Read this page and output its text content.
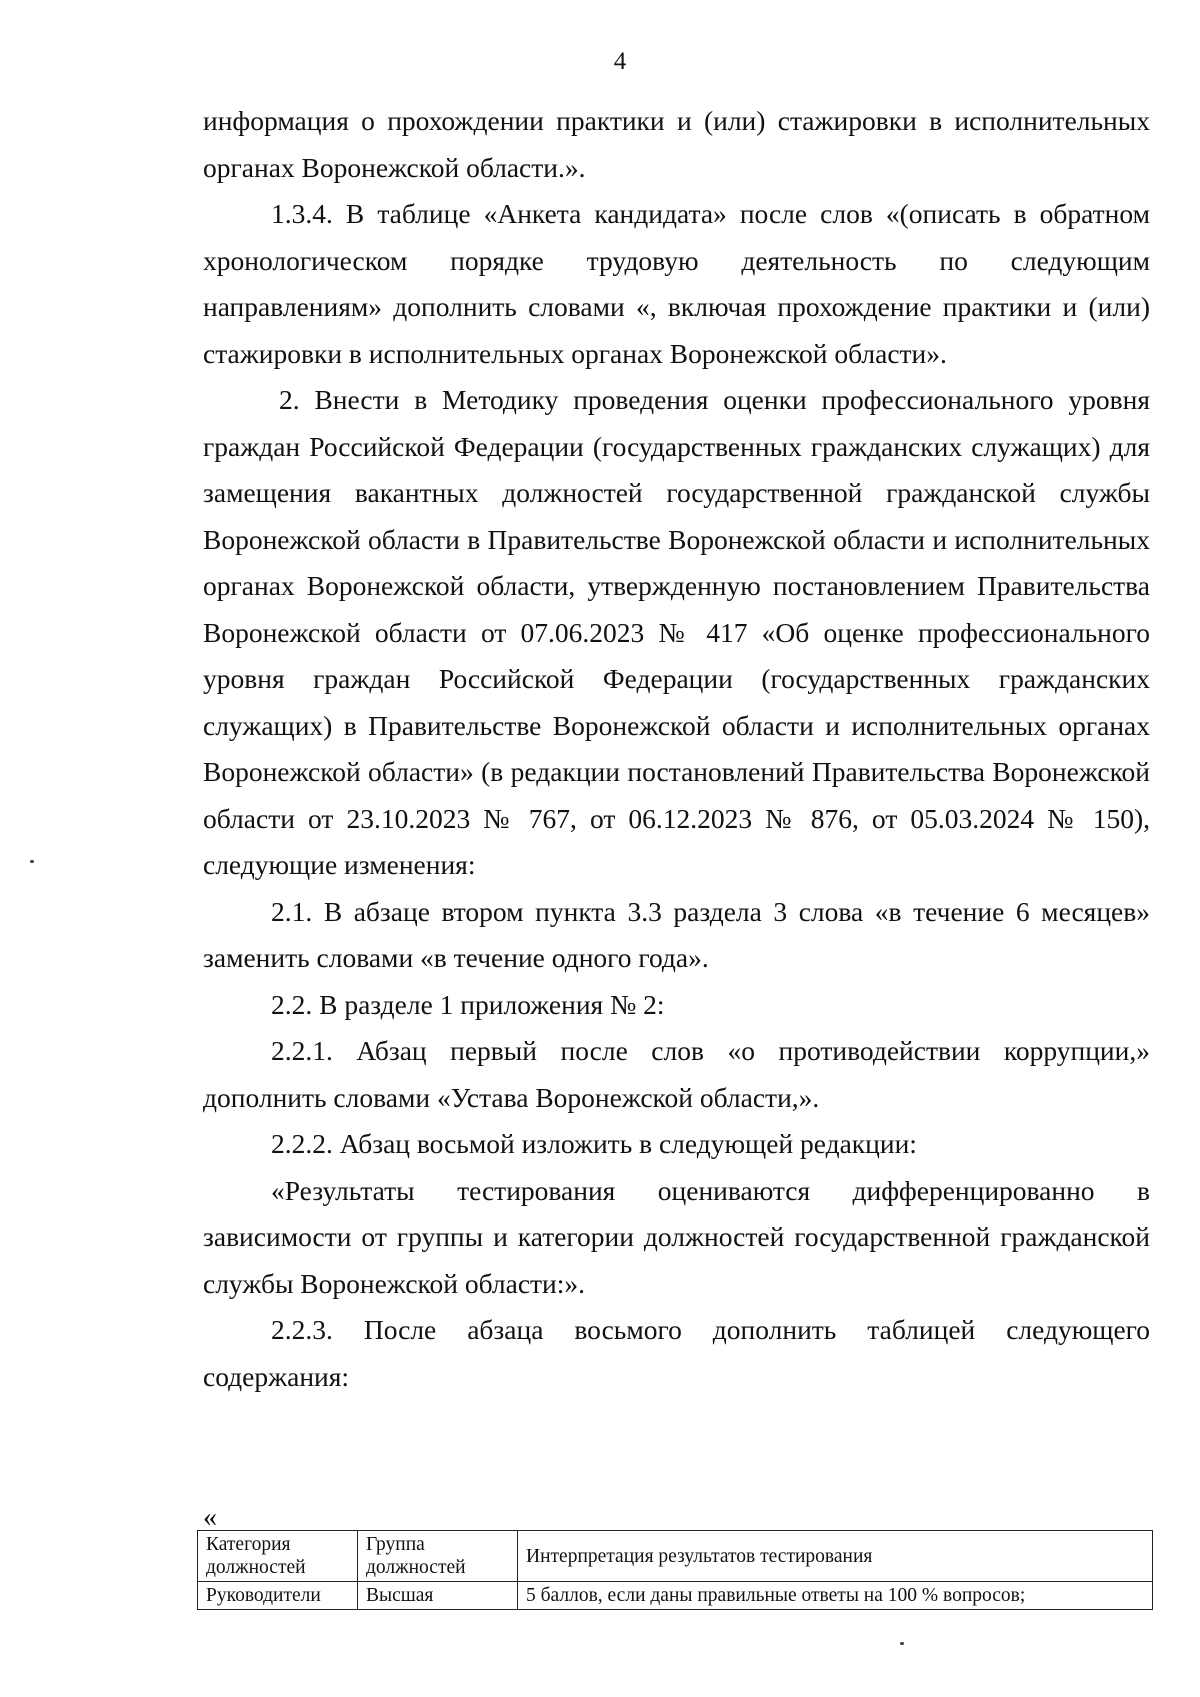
4

информация о прохождении практики и (или) стажировки в исполнительных органах Воронежской области.».

1.3.4. В таблице «Анкета кандидата» после слов «(описать в обратном хронологическом порядке трудовую деятельность по следующим направлениям» дополнить словами «, включая прохождение практики и (или) стажировки в исполнительных органах Воронежской области».

2. Внести в Методику проведения оценки профессионального уровня граждан Российской Федерации (государственных гражданских служащих) для замещения вакантных должностей государственной гражданской службы Воронежской области в Правительстве Воронежской области и исполнительных органах Воронежской области, утвержденную постановлением Правительства Воронежской области от 07.06.2023 № 417 «Об оценке профессионального уровня граждан Российской Федерации (государственных гражданских служащих) в Правительстве Воронежской области и исполнительных органах Воронежской области» (в редакции постановлений Правительства Воронежской области от 23.10.2023 № 767, от 06.12.2023 № 876, от 05.03.2024 № 150), следующие изменения:

2.1. В абзаце втором пункта 3.3 раздела 3 слова «в течение 6 месяцев» заменить словами «в течение одного года».

2.2. В разделе 1 приложения № 2:

2.2.1. Абзац первый после слов «о противодействии коррупции,» дополнить словами «Устава Воронежской области,».

2.2.2. Абзац восьмой изложить в следующей редакции:

«Результаты тестирования оцениваются дифференцированно в зависимости от группы и категории должностей государственной гражданской службы Воронежской области:».

2.2.3. После абзаца восьмого дополнить таблицей следующего содержания:

«
Категория должностей	Группа должностей	Интерпретация результатов тестирования
Руководители	Высшая	5 баллов, если даны правильные ответы на 100 % вопросов;
